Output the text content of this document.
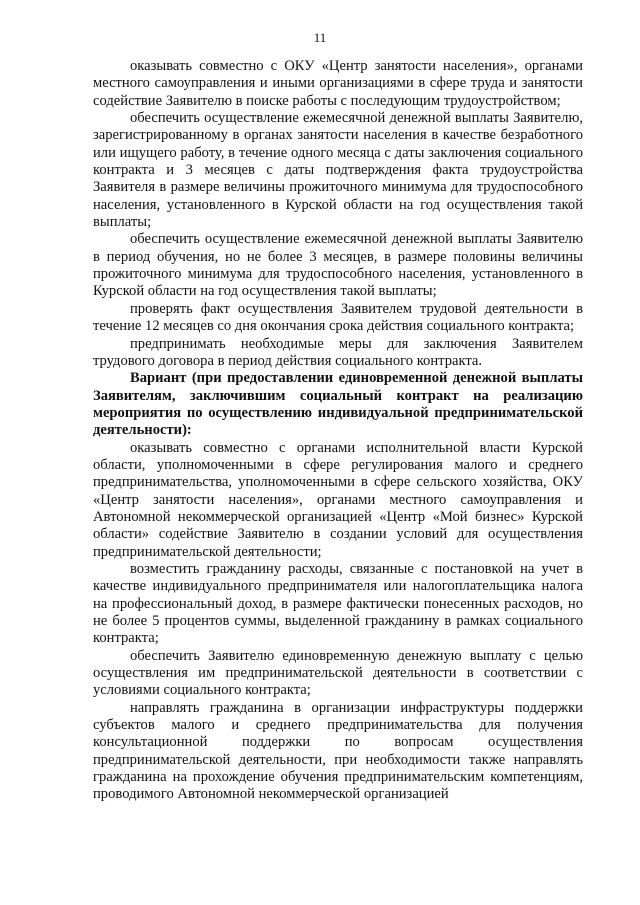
11

оказывать совместно с ОКУ «Центр занятости населения», органами местного самоуправления и иными организациями в сфере труда и занятости содействие Заявителю в поиске работы с последующим трудоустройством;

обеспечить осуществление ежемесячной денежной выплаты Заявителю, зарегистрированному в органах занятости населения в качестве безработного или ищущего работу, в течение одного месяца с даты заключения социального контракта и 3 месяцев с даты подтверждения факта трудоустройства Заявителя в размере величины прожиточного минимума для трудоспособного населения, установленного в Курской области на год осуществления такой выплаты;

обеспечить осуществление ежемесячной денежной выплаты Заявителю в период обучения, но не более 3 месяцев, в размере половины величины прожиточного минимума для трудоспособного населения, установленного в Курской области на год осуществления такой выплаты;

проверять факт осуществления Заявителем трудовой деятельности в течение 12 месяцев со дня окончания срока действия социального контракта;

предпринимать необходимые меры для заключения Заявителем трудового договора в период действия социального контракта.

Вариант (при предоставлении единовременной денежной выплаты Заявителям, заключившим социальный контракт на реализацию мероприятия по осуществлению индивидуальной предпринимательской деятельности):

оказывать совместно с органами исполнительной власти Курской области, уполномоченными в сфере регулирования малого и среднего предпринимательства, уполномоченными в сфере сельского хозяйства, ОКУ «Центр занятости населения», органами местного самоуправления и Автономной некоммерческой организацией «Центр «Мой бизнес» Курской области» содействие Заявителю в создании условий для осуществления предпринимательской деятельности;

возместить гражданину расходы, связанные с постановкой на учет в качестве индивидуального предпринимателя или налогоплательщика налога на профессиональный доход, в размере фактически понесенных расходов, но не более 5 процентов суммы, выделенной гражданину в рамках социального контракта;

обеспечить Заявителю единовременную денежную выплату с целью осуществления им предпринимательской деятельности в соответствии с условиями социального контракта;

направлять гражданина в организации инфраструктуры поддержки субъектов малого и среднего предпринимательства для получения консультационной поддержки по вопросам осуществления предпринимательской деятельности, при необходимости также направлять гражданина на прохождение обучения предпринимательским компетенциям, проводимого Автономной некоммерческой организацией
